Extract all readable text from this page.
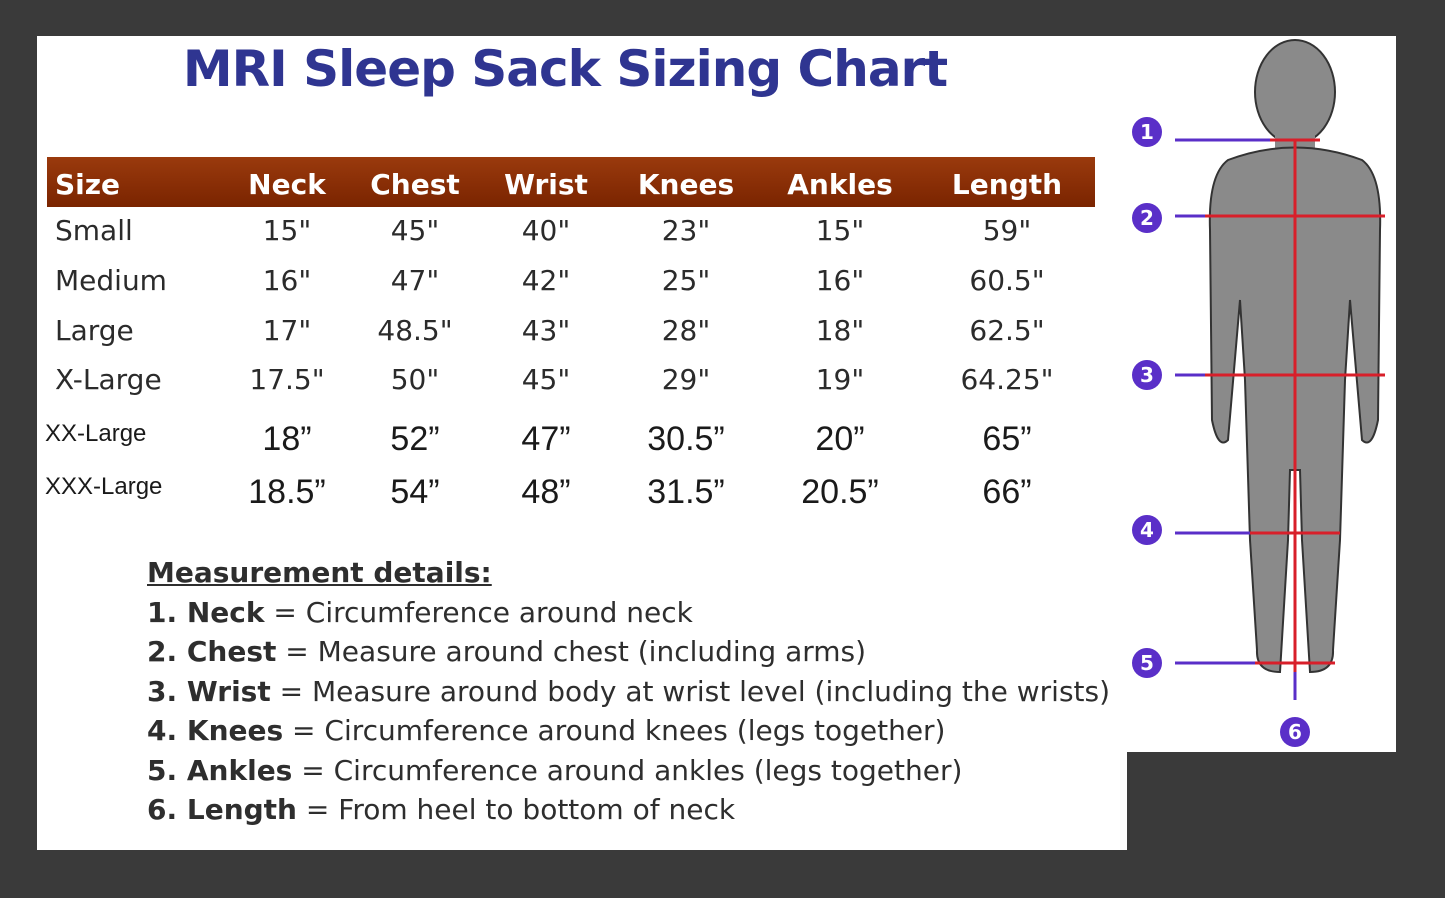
MRI Sleep Sack Sizing Chart
Size	Neck Chest Wrist Knees Ankles Length
Small	15"	45"	40"	23"	15"	59"
Medium	16"	47"	42"	25"	16"	60.5"
Large	17" 48.5" 43"	28"	18"	62.5"
X-Large	17.5" 50"	45"	29"	19"	64.25"
XX-Large	18” 52” 47” 30.5”	20”	65”
XXX-Large	18.5” 54” 48” 31.5” 20.5”	66”
Measurement details:
1. Neck = Circumference around neck
2. Chest = Measure around chest (including arms)
3. Wrist = Measure around body at wrist level (including the wrists)
4. Knees = Circumference around knees (legs together)
5. Ankles = Circumference around ankles (legs together)
6. Length = From heel to bottom of neck
1
2
3
4
5
6
